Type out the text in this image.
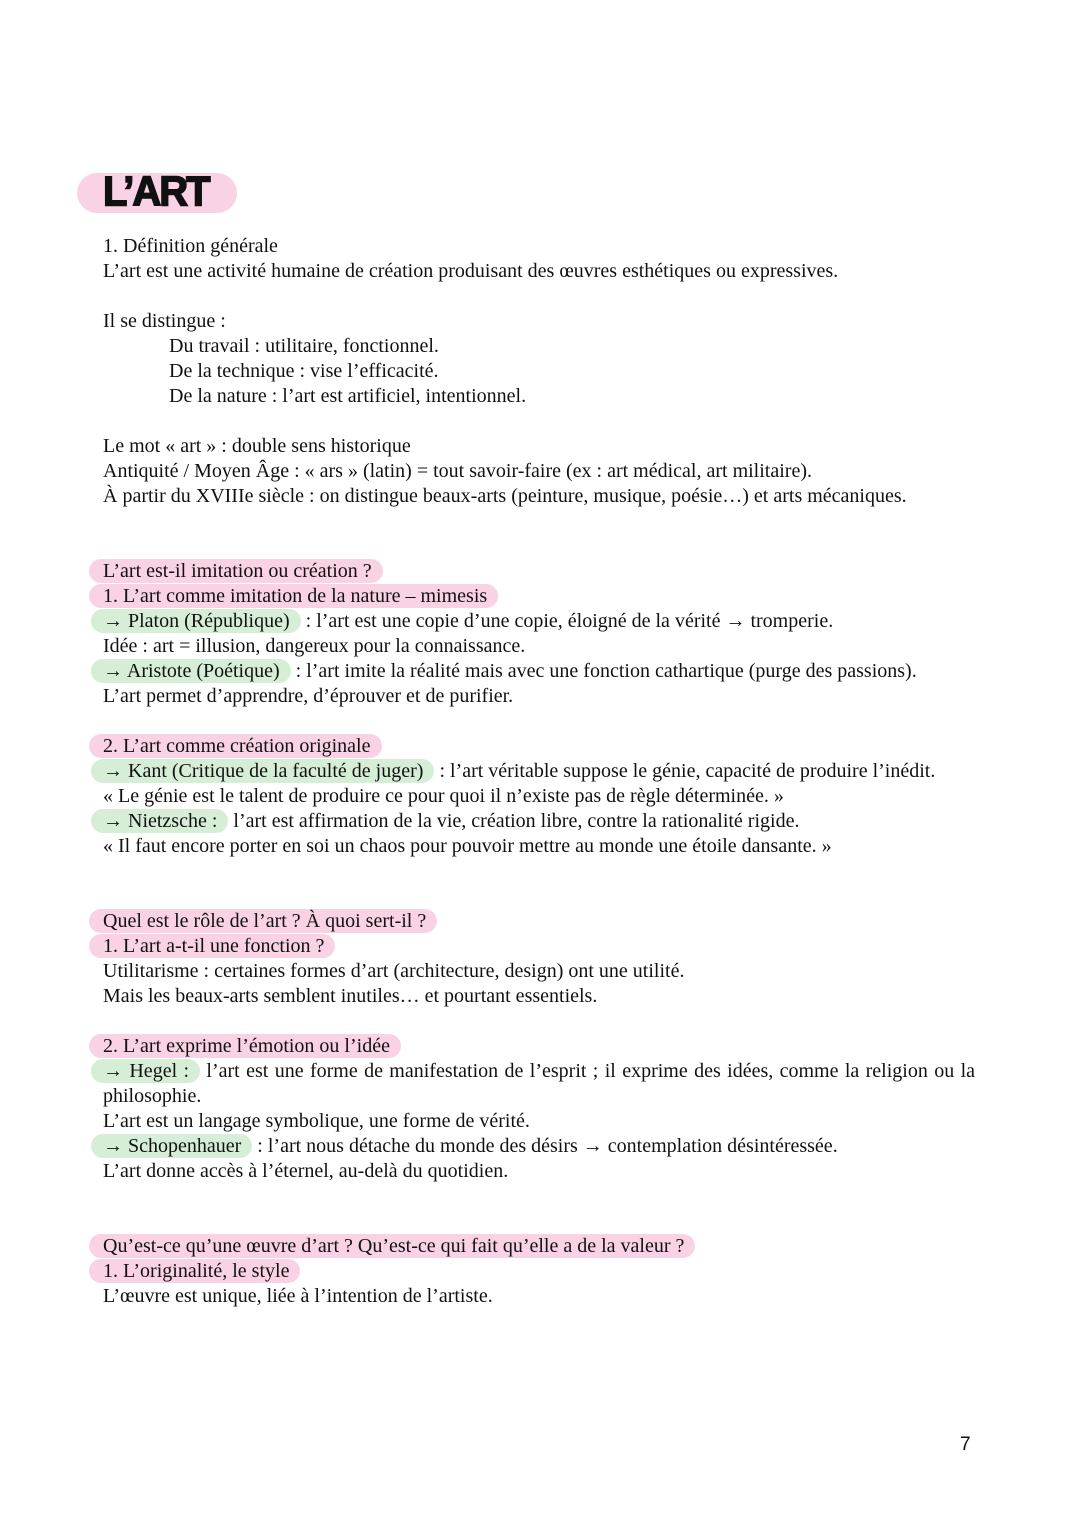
L’ART

1. Définition générale

L’art est une activité humaine de création produisant des œuvres esthétiques ou expressives.

Il se distingue :

Du travail : utilitaire, fonctionnel.

De la technique : vise l’efficacité.

De la nature : l’art est artificiel, intentionnel.

Le mot « art » : double sens historique

Antiquité / Moyen Âge : « ars » (latin) = tout savoir-faire (ex : art médical, art militaire).

À partir du XVIIIe siècle : on distingue beaux-arts (peinture, musique, poésie…) et arts mécaniques.

L’art est-il imitation ou création ?

1. L’art comme imitation de la nature – mimesis

→ Platon (République) : l’art est une copie d’une copie, éloigné de la vérité → tromperie.

Idée : art = illusion, dangereux pour la connaissance.

→ Aristote (Poétique) : l’art imite la réalité mais avec une fonction cathartique (purge des passions).

L’art permet d’apprendre, d’éprouver et de purifier.

2. L’art comme création originale

→ Kant (Critique de la faculté de juger) : l’art véritable suppose le génie, capacité de produire l’inédit.

« Le génie est le talent de produire ce pour quoi il n’existe pas de règle déterminée. »

→ Nietzsche : l’art est affirmation de la vie, création libre, contre la rationalité rigide.

« Il faut encore porter en soi un chaos pour pouvoir mettre au monde une étoile dansante. »

Quel est le rôle de l’art ? À quoi sert-il ?

1. L’art a-t-il une fonction ?

Utilitarisme : certaines formes d’art (architecture, design) ont une utilité.

Mais les beaux-arts semblent inutiles… et pourtant essentiels.

2. L’art exprime l’émotion ou l’idée

→ Hegel : l’art est une forme de manifestation de l’esprit ; il exprime des idées, comme la religion ou la philosophie.

L’art est un langage symbolique, une forme de vérité.

→ Schopenhauer : l’art nous détache du monde des désirs → contemplation désintéressée.

L’art donne accès à l’éternel, au-delà du quotidien.

Qu’est-ce qu’une œuvre d’art ? Qu’est-ce qui fait qu’elle a de la valeur ?

1. L’originalité, le style

L’œuvre est unique, liée à l’intention de l’artiste.

7
